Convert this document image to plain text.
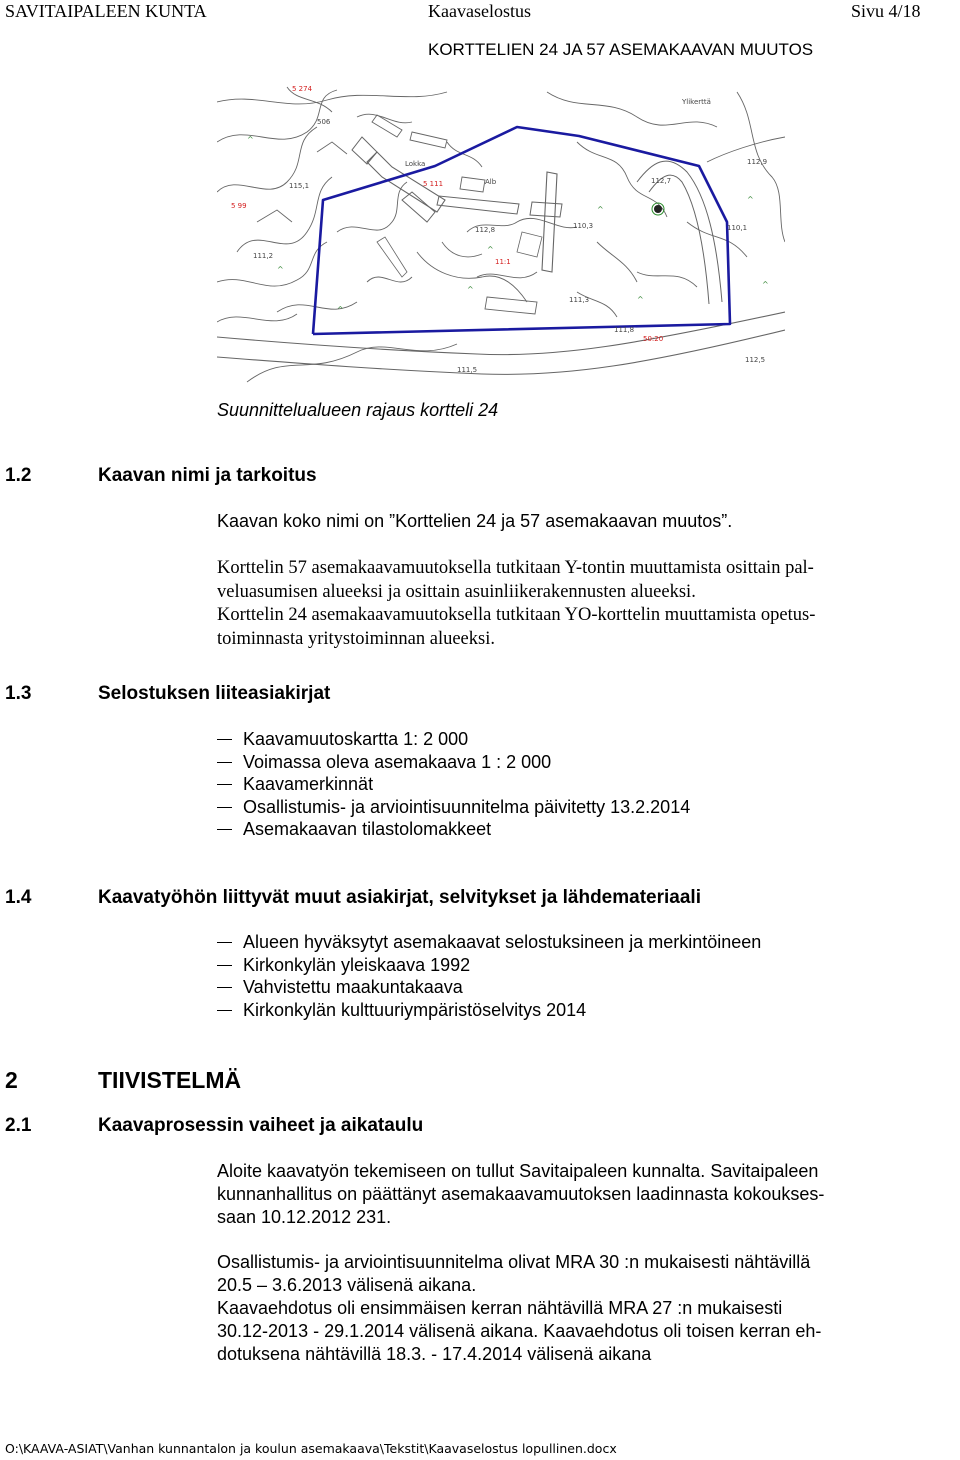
SAVITAIPALEEN KUNTA	Kaavaselostus	Sivu 4/18
KORTTELIEN 24 JA 57 ASEMAKAAVAN MUUTOS
^
^
^
^
^
^
^
^
^
5 274
506
115,1
5 99
5 111	Alb
112,8	110,3
111,2
11:1
111,3
111,8
50:20
111,5
112,7
112,9
110,1
112,5
Ylikerttä
Lokka
Suunnittelualueen rajaus kortteli 24
1.2	Kaavan nimi ja tarkoitus
Kaavan koko nimi on ”Korttelien 24 ja 57 asemakaavan muutos”.
Korttelin 57 asemakaavamuutoksella tutkitaan Y-tontin muuttamista osittain pal-
veluasumisen alueeksi ja osittain asuinliikerakennusten alueeksi.
Korttelin 24 asemakaavamuutoksella tutkitaan YO-korttelin muuttamista opetus-
toiminnasta yritystoiminnan alueeksi.
1.3	Selostuksen liiteasiakirjat
Kaavamuutoskartta 1: 2 000
Voimassa oleva asemakaava 1 : 2 000
Kaavamerkinnät
Osallistumis- ja arviointisuunnitelma päivitetty 13.2.2014
Asemakaavan tilastolomakkeet
1.4	Kaavatyöhön liittyvät muut asiakirjat, selvitykset ja lähdemateriaali
Alueen hyväksytyt asemakaavat selostuksineen ja merkintöineen
Kirkonkylän yleiskaava 1992
Vahvistettu maakuntakaava
Kirkonkylän kulttuuriympäristöselvitys 2014
2	TIIVISTELMÄ
2.1	Kaavaprosessin vaiheet ja aikataulu
Aloite kaavatyön tekemiseen on tullut Savitaipaleen kunnalta. Savitaipaleen
kunnanhallitus on päättänyt asemakaavamuutoksen laadinnasta kokoukses-
saan 10.12.2012 231.
Osallistumis- ja arviointisuunnitelma olivat MRA 30 :n mukaisesti nähtävillä
20.5 – 3.6.2013 välisenä aikana.
Kaavaehdotus oli ensimmäisen kerran nähtävillä MRA 27 :n mukaisesti
30.12-2013 - 29.1.2014 välisenä aikana. Kaavaehdotus oli toisen kerran eh-
dotuksena nähtävillä 18.3. - 17.4.2014 välisenä aikana
O:\KAAVA-ASIAT\Vanhan kunnantalon ja koulun asemakaava\Tekstit\Kaavaselostus lopullinen.docx
